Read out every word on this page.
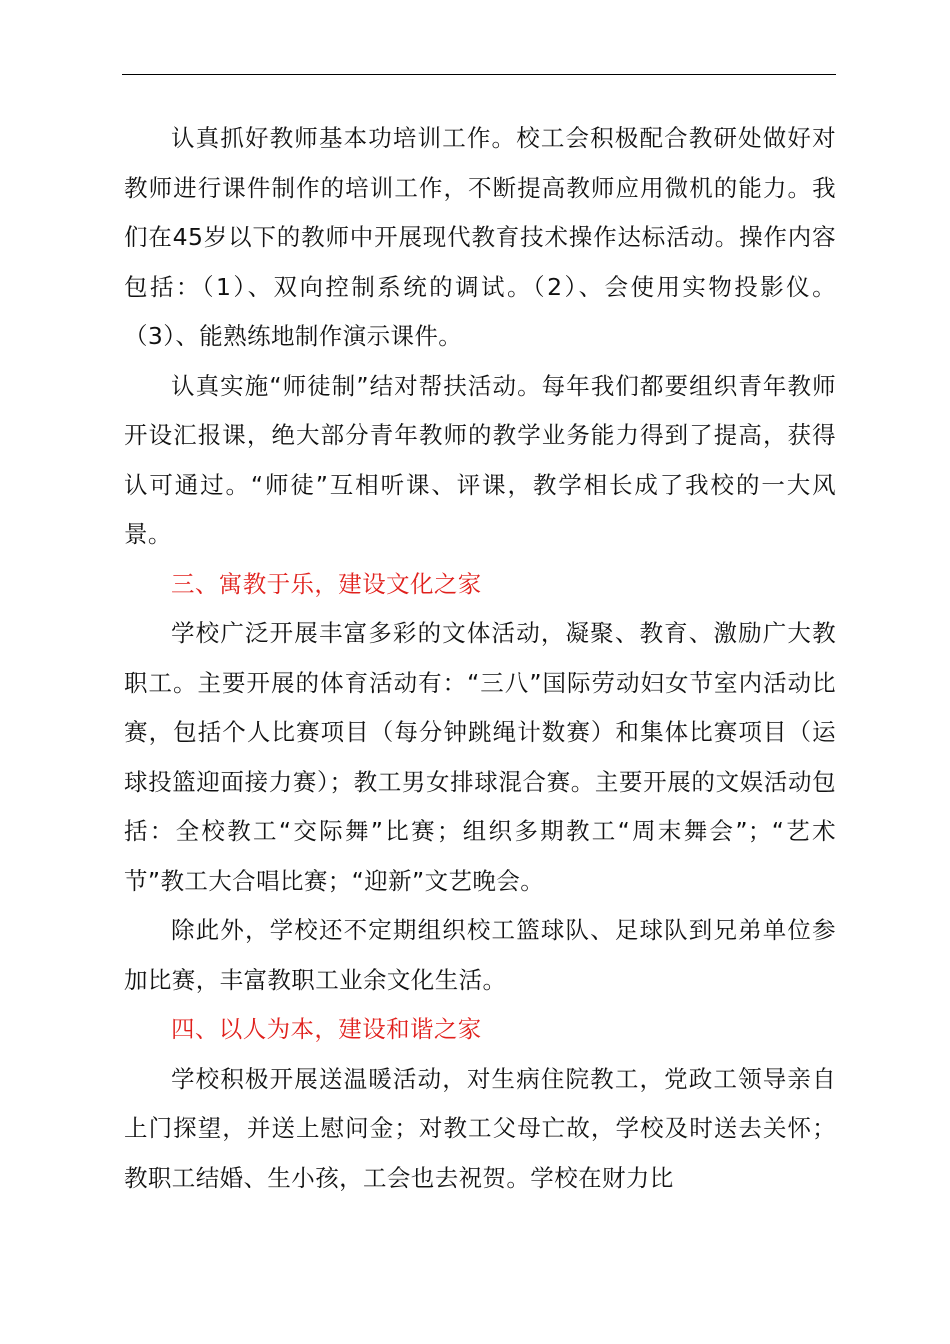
认真抓好教师基本功培训工作。校工会积极配合教研处做好对教师进行课件制作的培训工作，不断提高教师应用微机的能力。我们在45岁以下的教师中开展现代教育技术操作达标活动。操作内容包括：（1）、双向控制系统的调试。（2）、会使用实物投影仪。（3）、能熟练地制作演示课件。

认真实施“师徒制”结对帮扶活动。每年我们都要组织青年教师开设汇报课，绝大部分青年教师的教学业务能力得到了提高，获得认可通过。“师徒”互相听课、评课，教学相长成了我校的一大风景。

三、寓教于乐，建设文化之家

学校广泛开展丰富多彩的文体活动，凝聚、教育、激励广大教职工。主要开展的体育活动有：“三八”国际劳动妇女节室内活动比赛，包括个人比赛项目（每分钟跳绳计数赛）和集体比赛项目（运球投篮迎面接力赛）；教工男女排球混合赛。主要开展的文娱活动包括：全校教工“交际舞”比赛；组织多期教工“周末舞会”；“艺术节”教工大合唱比赛；“迎新”文艺晚会。

除此外，学校还不定期组织校工篮球队、足球队到兄弟单位参加比赛，丰富教职工业余文化生活。

四、以人为本，建设和谐之家

学校积极开展送温暖活动，对生病住院教工，党政工领导亲自上门探望，并送上慰问金；对教工父母亡故，学校及时送去关怀；教职工结婚、生小孩，工会也去祝贺。学校在财力比
